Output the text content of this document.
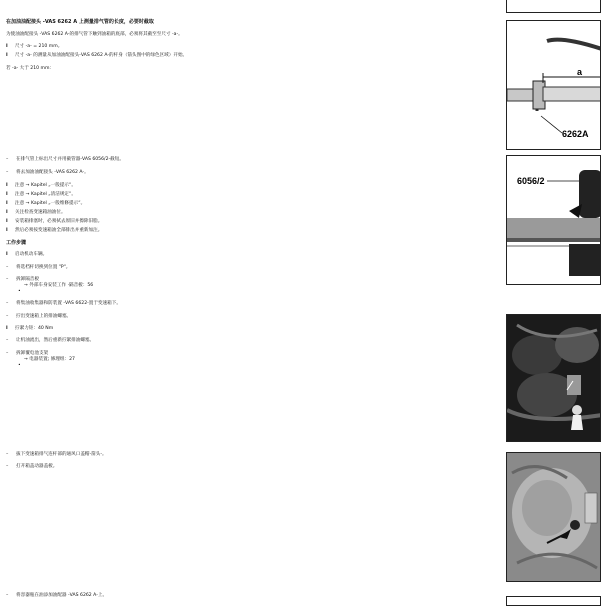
在加油油配接头 -VAS 6262 A 上测量排气管的长度，必要时截取
为使油油配接头 -VAS 6262 A-的排气管下触到油箱的底部，必须将其截至至尺寸 -a-。
Ⅰ 尺寸 -a- = 210 mm。
Ⅰ 尺寸 -a- 的测量从加油油配接头-VAS 6262 A-的杆身（箭头图中的绿色区域）开始。
若 -a- 大于 210 mm：
– 在排气管上标出尺寸并用截管器-VAS 6056/2-截短。
– 将去加油油配接头 -VAS 6262 A-。
Ⅰ 注意 → Kapitel „一般提示“。
Ⅰ 注意 → Kapitel „清洁规定“。
Ⅰ 注意 → Kapitel „一般维修提示“。
Ⅰ 关注检查变速箱油油位。
Ⅰ 安装箱排塞时，必须拭去原旧并擦除旧脂。
Ⅰ 然后必须按变速箱油全部排出并重新加注。
工作步骤
Ⅰ 启动机动车辆。
– 将选档杆切换到位置 "P"。
– 拆卸隔音板
→ 外部车身安装工作 ·隔音板：56
•
– 将集油收集器和防装置 -VAS 6622-置于变速箱下。
– 拧出变速箱上的排油螺塞。
Ⅰ 拧紧力矩：40 Nm
– 让机油流出，然后重新拧紧排油螺塞。
– 拆卸覆电池支架
→ 电器装置; 修理组：27
•
– 拔下变速箱排气连杆部的通风口盖帽-箭头-。
– 打开箱盖动器盖板。
– 将容器瓶在油添加油配器 -VAS 6262 A-上。
a
6262A
6056/2
